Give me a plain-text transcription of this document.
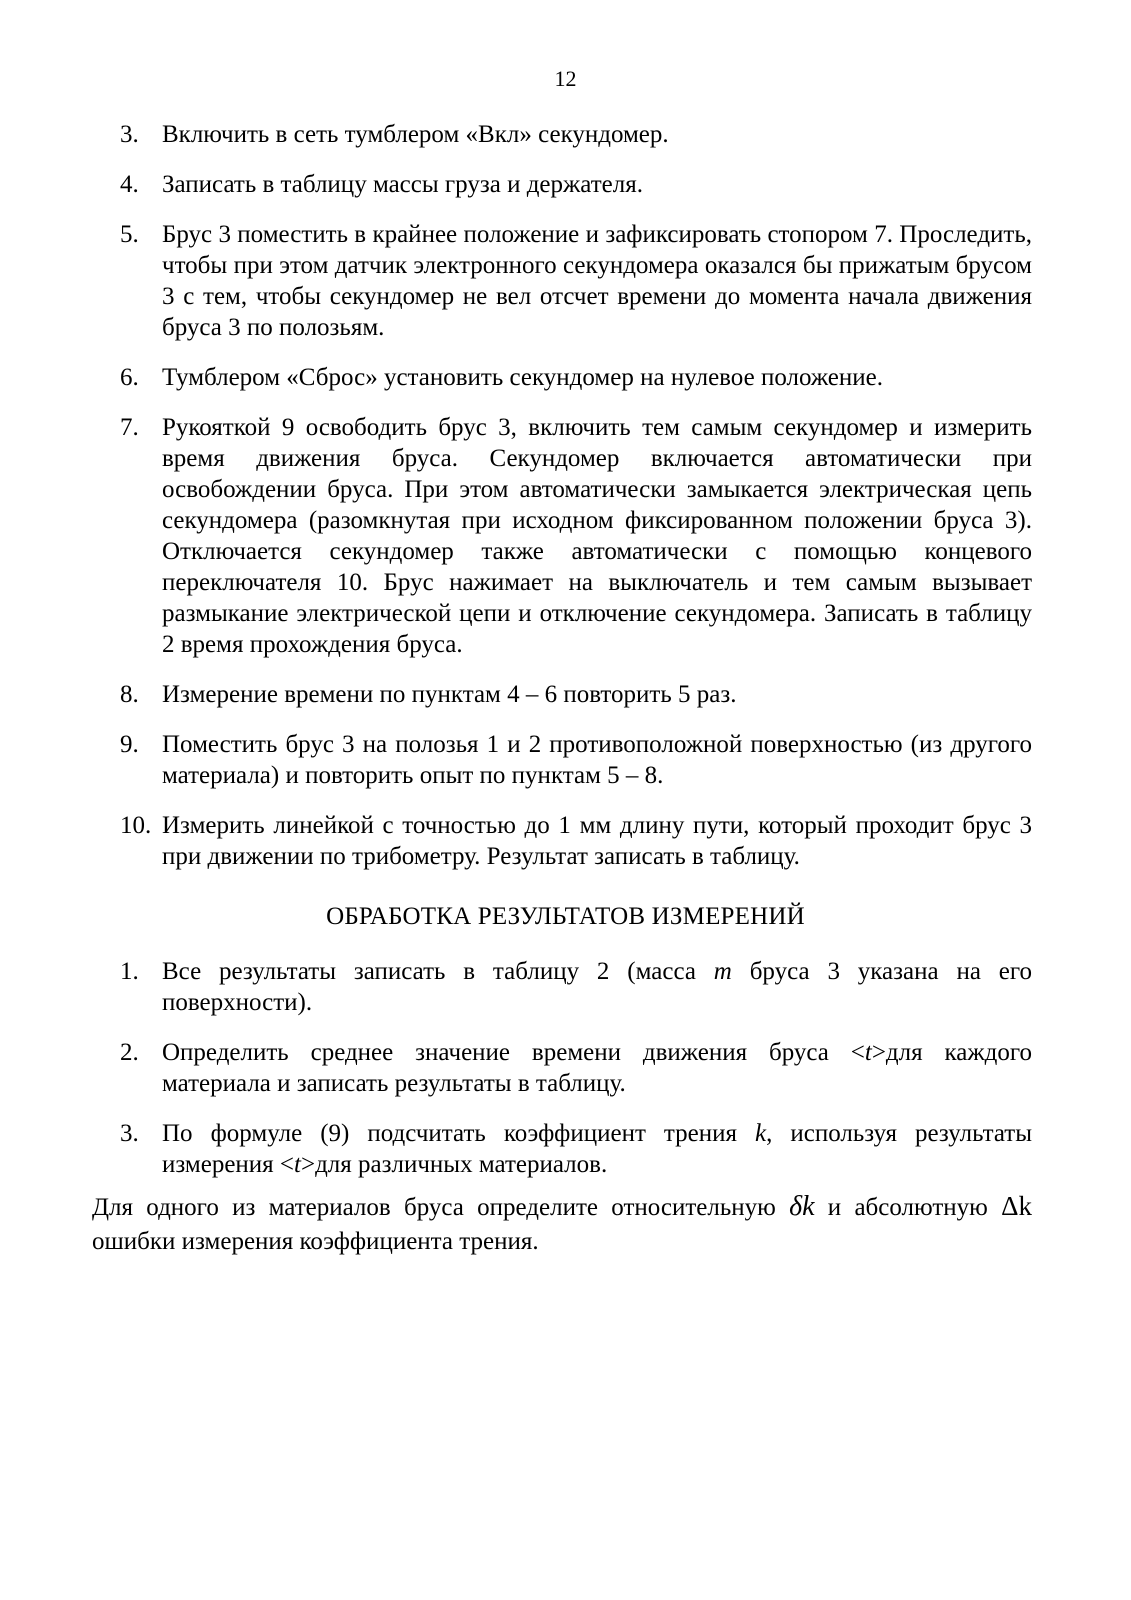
12
3. Включить в сеть тумблером «Вкл» секундомер.
4. Записать в таблицу массы груза и держателя.
5. Брус 3 поместить в крайнее положение и зафиксировать стопором 7. Проследить, чтобы при этом датчик электронного секундомера оказался бы прижатым брусом 3 с тем, чтобы секундомер не вел отсчет времени до момента начала движения бруса 3 по полозьям.
6. Тумблером «Сброс» установить секундомер на нулевое положение.
7. Рукояткой 9 освободить брус 3, включить тем самым секундомер и измерить время движения бруса. Секундомер включается автоматически при освобождении бруса. При этом автоматически замыкается электрическая цепь секундомера (разомкнутая при исходном фиксированном положении бруса 3). Отключается секундомер также автоматически с помощью концевого переключателя 10. Брус нажимает на выключатель и тем самым вызывает размыкание электрической цепи и отключение секундомера. Записать в таблицу 2 время прохождения бруса.
8. Измерение времени по пунктам 4 – 6 повторить 5 раз.
9. Поместить брус 3 на полозья 1 и 2 противоположной поверхностью (из другого материала) и повторить опыт по пунктам 5 – 8.
10. Измерить линейкой с точностью до 1 мм длину пути, который проходит брус 3 при движении по трибометру. Результат записать в таблицу.
ОБРАБОТКА РЕЗУЛЬТАТОВ ИЗМЕРЕНИЙ
1. Все результаты записать в таблицу 2 (масса m бруса 3 указана на его поверхности).
2. Определить среднее значение времени движения бруса <t>для каждого материала и записать результаты в таблицу.
3. По формуле (9) подсчитать коэффициент трения k, используя результаты измерения <t>для различных материалов.
Для одного из материалов бруса определите относительную δk и абсолютную Δk ошибки измерения коэффициента трения.
